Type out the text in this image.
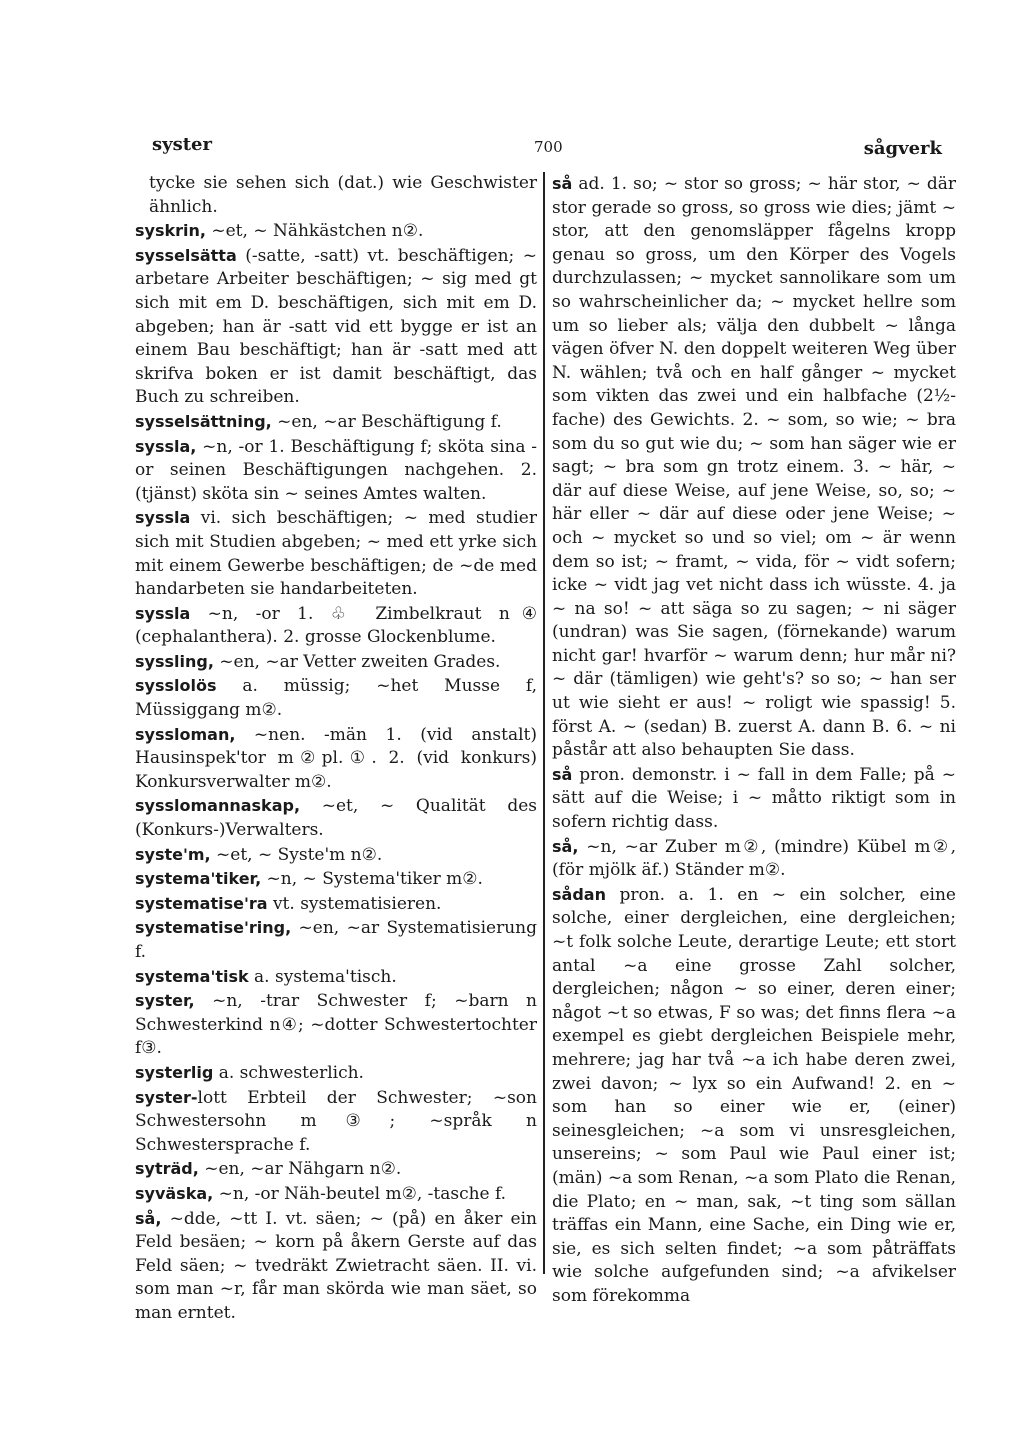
syster	700	sågverk

tycke sie sehen sich (dat.) wie Geschwister ähnlich.

syskrin, ~et, ~ Nähkästchen n②.

sysselsätta (-satte, -satt) vt. beschäftigen; ~ arbetare Arbeiter beschäftigen; ~ sig med gt sich mit em D. beschäftigen, sich mit em D. abgeben; han är -satt vid ett bygge er ist an einem Bau beschäftigt; han är -satt med att skrifva boken er ist damit beschäftigt, das Buch zu schreiben.

sysselsättning, ~en, ~ar Beschäftigung f.

syssla, ~n, -or 1. Beschäftigung f; sköta sina -or seinen Beschäftigungen nachgehen. 2. (tjänst) sköta sin ~ seines Amtes walten.

syssla vi. sich beschäftigen; ~ med studier sich mit Studien abgeben; ~ med ett yrke sich mit einem Gewerbe beschäftigen; de ~de med handarbeten sie handarbeiteten.

syssla ~n, -or 1. ♧ Zimbelkraut n④ (cephalanthera). 2. grosse Glockenblume.

syssling, ~en, ~ar Vetter zweiten Grades.

sysslolös a. müssig; ~het Musse f, Müssiggang m②.

syssloman, ~nen. -män 1. (vid anstalt) Hausinspek'tor m②pl.①. 2. (vid konkurs) Konkursverwalter m②.

sysslomannaskap, ~et, ~ Qualität des (Konkurs-)Verwalters.

syste'm, ~et, ~ Syste'm n②.

systema'tiker, ~n, ~ Systema'tiker m②.

systematise'ra vt. systematisieren.

systematise'ring, ~en, ~ar Systematisierung f.

systema'tisk a. systema'tisch.

syster, ~n, -trar Schwester f; ~barn n Schwesterkind n④; ~dotter Schwestertochter f③.

systerlig a. schwesterlich.

syster-lott Erbteil der Schwester; ~son Schwestersohn m③; ~språk n Schwestersprache f.

syträd, ~en, ~ar Nähgarn n②.

syväska, ~n, -or Näh-beutel m②, -tasche f.

så, ~dde, ~tt I. vt. säen; ~ (på) en åker ein Feld besäen; ~ korn på åkern Gerste auf das Feld säen; ~ tvedräkt Zwietracht säen. II. vi. som man ~r, får man skörda wie man säet, so man erntet.

så ad. 1. so; ~ stor so gross; ~ här stor, ~ där stor gerade so gross, so gross wie dies; jämt ~ stor, att den genomsläpper fågelns kropp genau so gross, um den Körper des Vogels durchzulassen; ~ mycket sannolikare som um so wahrscheinlicher da; ~ mycket hellre som um so lieber als; välja den dubbelt ~ långa vägen öfver N. den doppelt weiteren Weg über N. wählen; två och en half gånger ~ mycket som vikten das zwei und ein halbfache (2½-fache) des Gewichts. 2. ~ som, so wie; ~ bra som du so gut wie du; ~ som han säger wie er sagt; ~ bra som gn trotz einem. 3. ~ här, ~ där auf diese Weise, auf jene Weise, so, so; ~ här eller ~ där auf diese oder jene Weise; ~ och ~ mycket so und so viel; om ~ är wenn dem so ist; ~ framt, ~ vida, för ~ vidt sofern; icke ~ vidt jag vet nicht dass ich wüsste. 4. ja ~ na so! ~ att säga so zu sagen; ~ ni säger (undran) was Sie sagen, (förnekande) warum nicht gar! hvarför ~ warum denn; hur mår ni? ~ där (tämligen) wie geht's? so so; ~ han ser ut wie sieht er aus! ~ roligt wie spassig! 5. först A. ~ (sedan) B. zuerst A. dann B. 6. ~ ni påstår att also behaupten Sie dass.

så pron. demonstr. i ~ fall in dem Falle; på ~ sätt auf die Weise; i ~ måtto riktigt som in sofern richtig dass.

så, ~n, ~ar Zuber m②, (mindre) Kübel m②, (för mjölk äf.) Ständer m②.

sådan pron. a. 1. en ~ ein solcher, eine solche, einer dergleichen, eine dergleichen; ~t folk solche Leute, derartige Leute; ett stort antal ~a eine grosse Zahl solcher, dergleichen; någon ~ so einer, deren einer; något ~t so etwas, F so was; det finns flera ~a exempel es giebt dergleichen Beispiele mehr, mehrere; jag har två ~a ich habe deren zwei, zwei davon; ~ lyx so ein Aufwand! 2. en ~ som han so einer wie er, (einer) seinesgleichen; ~a som vi unsresgleichen, unsereins; ~ som Paul wie Paul einer ist; (män) ~a som Renan, ~a som Plato die Renan, die Plato; en ~ man, sak, ~t ting som sällan träffas ein Mann, eine Sache, ein Ding wie er, sie, es sich selten findet; ~a som påträffats wie solche aufgefunden sind; ~a afvikelser som förekomma
